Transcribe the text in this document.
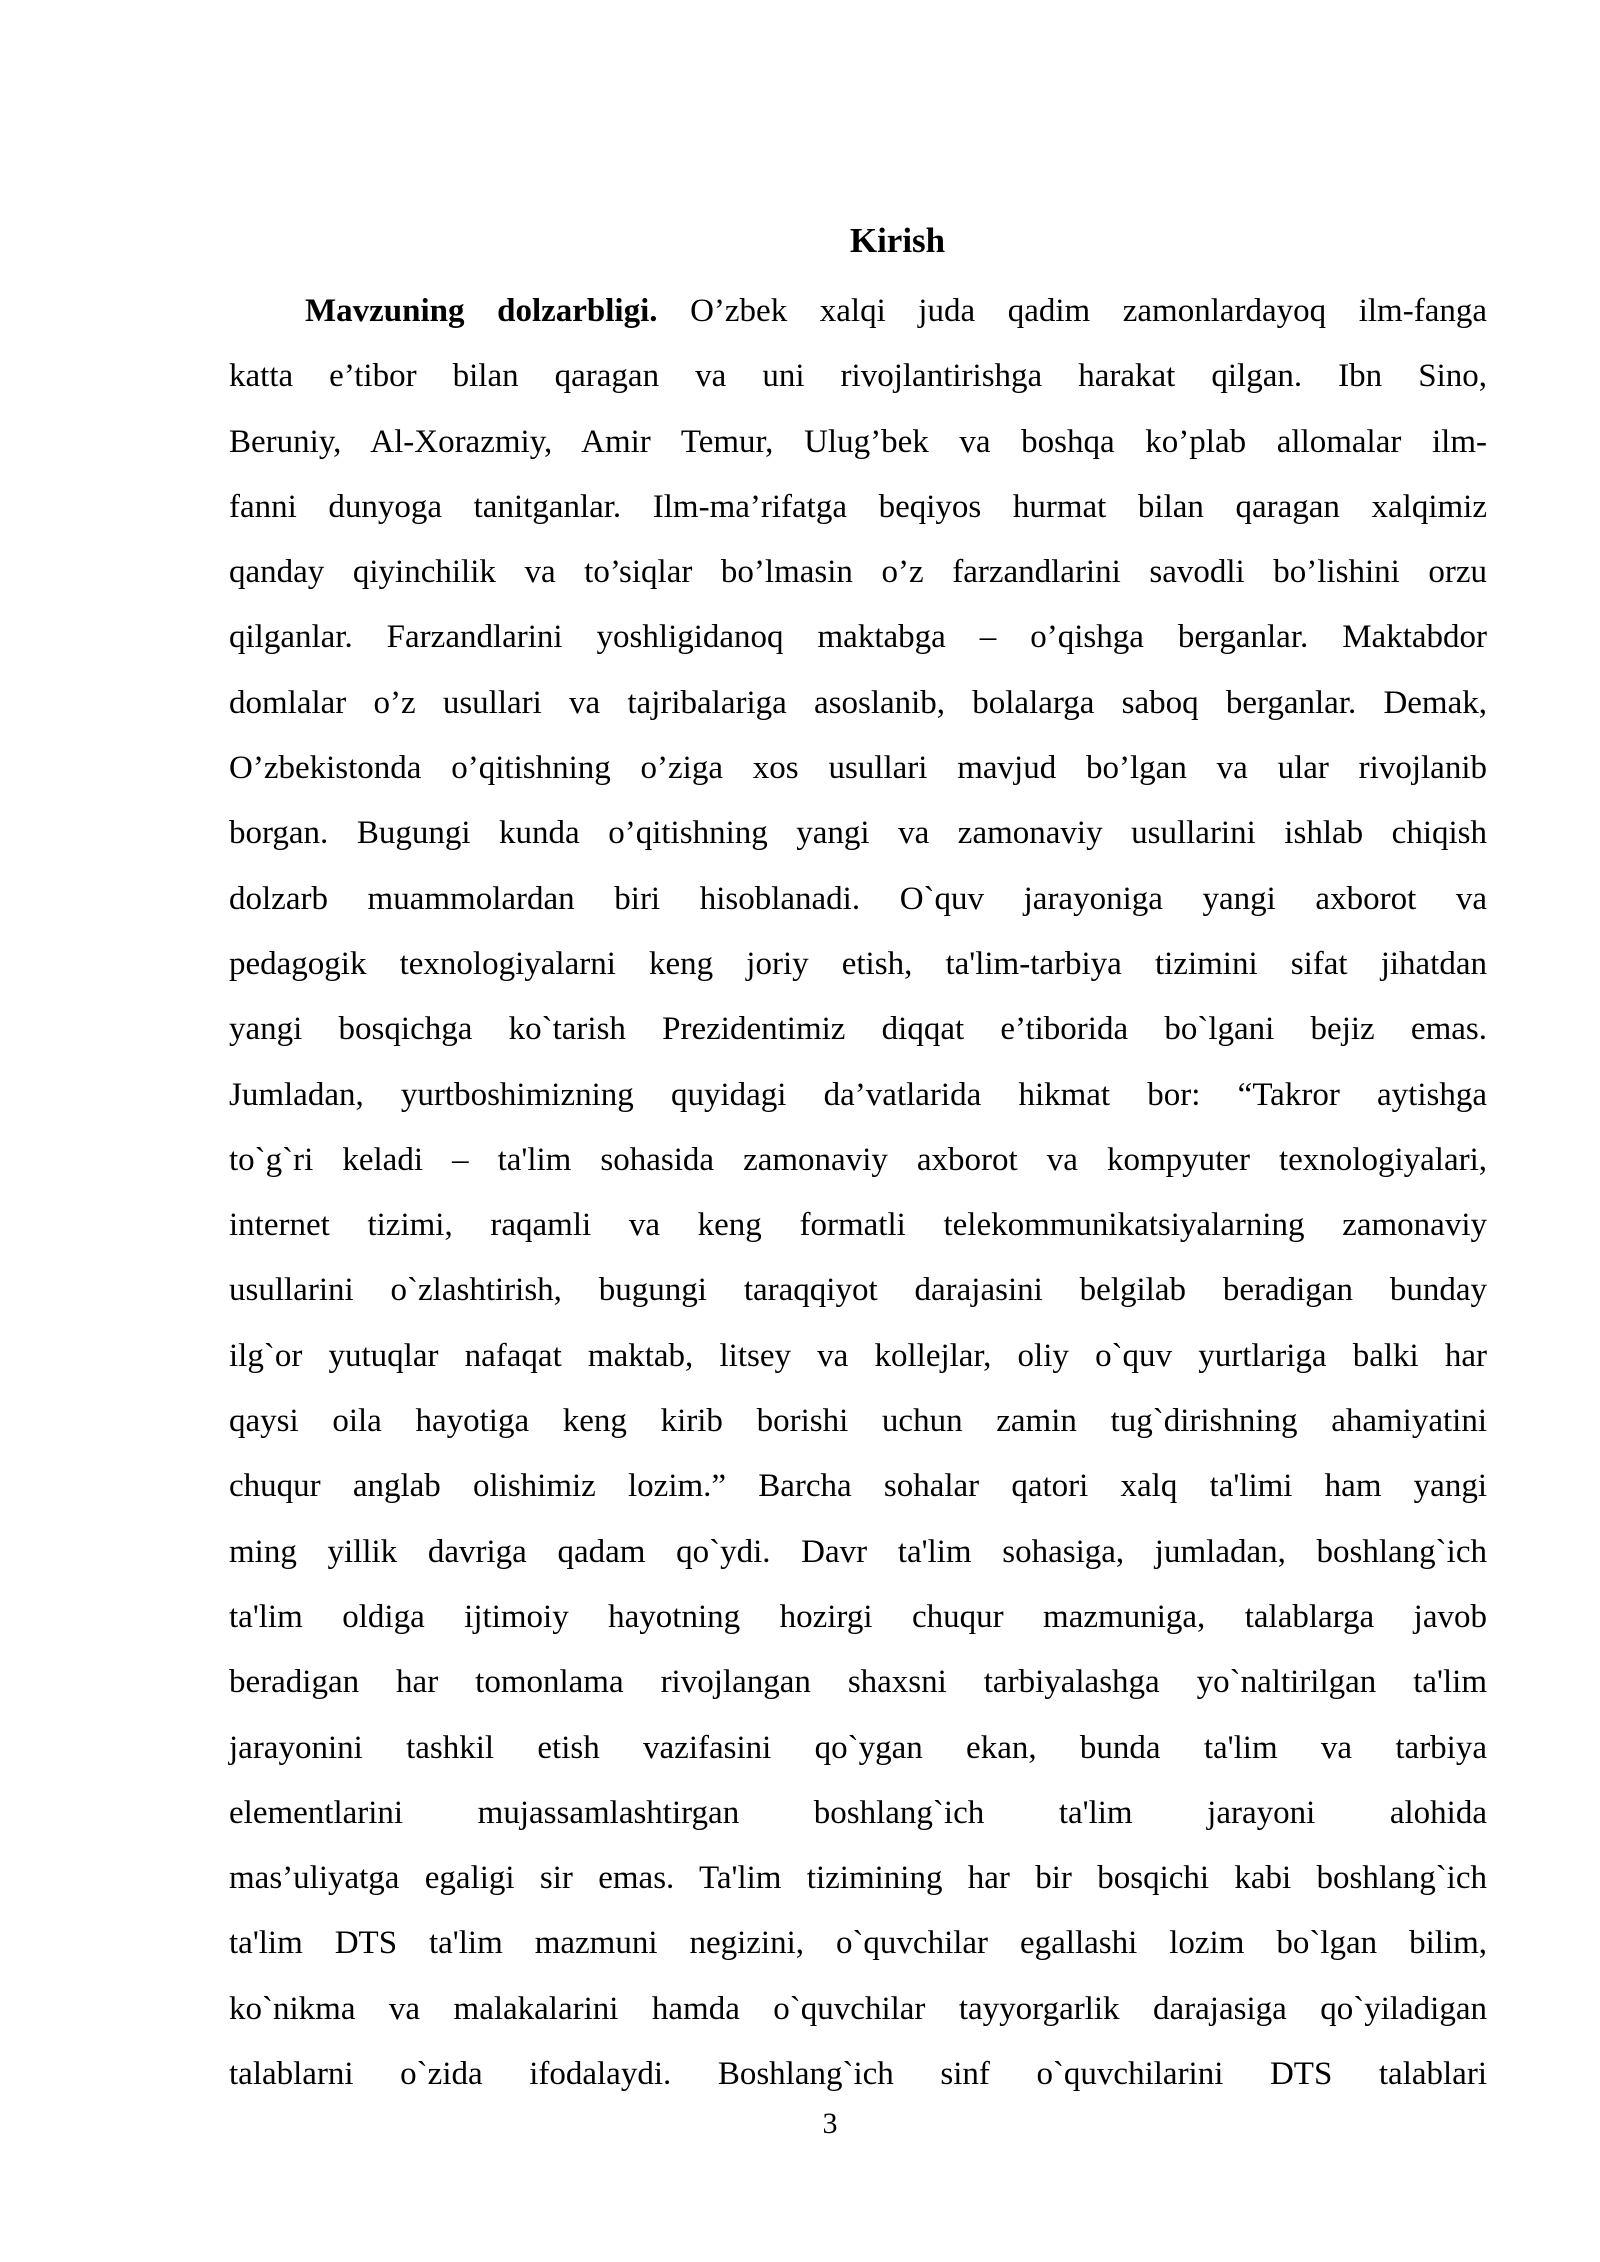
Kirish
Mavzuning dolzarbligi. O’zbek xalqi juda qadim zamonlardayoq ilm-fanga
katta e’tibor bilan qaragan va uni rivojlantirishga harakat qilgan. Ibn Sino,
Beruniy, Al-Xorazmiy, Amir Temur, Ulug’bek va boshqa ko’plab allomalar ilm-
fanni dunyoga tanitganlar. Ilm-ma’rifatga beqiyos hurmat bilan qaragan xalqimiz
qanday qiyinchilik va to’siqlar bo’lmasin o’z farzandlarini savodli bo’lishini orzu
qilganlar. Farzandlarini yoshligidanoq maktabga – o’qishga berganlar. Maktabdor
domlalar o’z usullari va tajribalariga asoslanib, bolalarga saboq berganlar. Demak,
O’zbekistonda o’qitishning o’ziga xos usullari mavjud bo’lgan va ular rivojlanib
borgan. Bugungi kunda o’qitishning yangi va zamonaviy usullarini ishlab chiqish
dolzarb muammolardan biri hisoblanadi. O`quv jarayoniga yangi axborot va
pedagogik texnologiyalarni keng joriy etish, ta'lim-tarbiya tizimini sifat jihatdan
yangi bosqichga ko`tarish Prezidentimiz diqqat e’tiborida bo`lgani bejiz emas.
Jumladan, yurtboshimizning quyidagi da’vatlarida hikmat bor: “Takror aytishga
to`g`ri keladi – ta'lim sohasida zamonaviy axborot va kompyuter texnologiyalari,
internet tizimi, raqamli va keng formatli telekommunikatsiyalarning zamonaviy
usullarini o`zlashtirish, bugungi taraqqiyot darajasini belgilab beradigan bunday
ilg`or yutuqlar nafaqat maktab, litsey va kollejlar, oliy o`quv yurtlariga balki har
qaysi oila hayotiga keng kirib borishi uchun zamin tug`dirishning ahamiyatini
chuqur anglab olishimiz lozim.” Barcha sohalar qatori xalq ta'limi ham yangi
ming yillik davriga qadam qo`ydi. Davr ta'lim sohasiga, jumladan, boshlang`ich
ta'lim oldiga ijtimoiy hayotning hozirgi chuqur mazmuniga, talablarga javob
beradigan har tomonlama rivojlangan shaxsni tarbiyalashga yo`naltirilgan ta'lim
jarayonini tashkil etish vazifasini qo`ygan ekan, bunda ta'lim va tarbiya
elementlarini mujassamlashtirgan boshlang`ich ta'lim jarayoni alohida
mas’uliyatga egaligi sir emas. Ta'lim tizimining har bir bosqichi kabi boshlang`ich
ta'lim DTS ta'lim mazmuni negizini, o`quvchilar egallashi lozim bo`lgan bilim,
ko`nikma va malakalarini hamda o`quvchilar tayyorgarlik darajasiga qo`yiladigan
talablarni o`zida ifodalaydi. Boshlang`ich sinf o`quvchilarini DTS talablari
3
